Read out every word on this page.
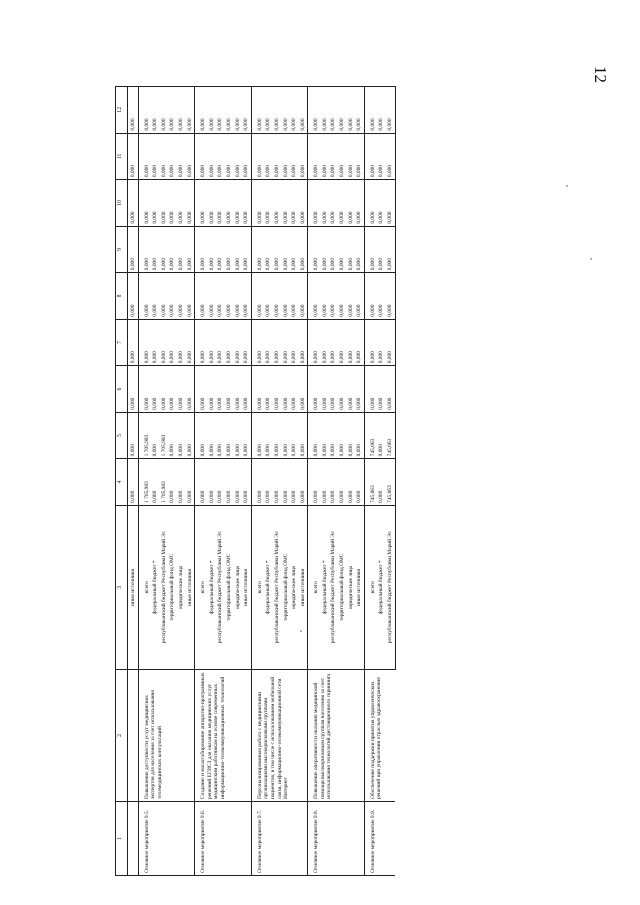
12
1	2	3	4	5	6	7	8	9	10	11	12
		иные источники	0,000	0,000	0,000	0,000	0,000	0,000	0,000	0,000	0,000
Основное мероприятие 9.5.	Повышение доступности услуг медицинских экспертов для населения за счет использования телемедицинских консультаций	всего	1 705,983	1 705,983	0,000	0,000	0,000	0,000	0,000	0,000	0,000
		федеральный бюджет *	0,000	0,000	0,000	0,000	0,000	0,000	0,000	0,000	0,000
		республиканский бюджет Республики Марий Эл	1 705,983	1 705,983	0,000	0,000	0,000	0,000	0,000	0,000	0,000
		территориальный фонд ОМС	0,000	0,000	0,000	0,000	0,000	0,000	0,000	0,000	0,000
		юридические лица	0,000	0,000	0,000	0,000	0,000	0,000	0,000	0,000	0,000
		иные источники	0,000	0,000	0,000	0,000	0,000	0,000	0,000	0,000	0,000
Основное мероприятие 9.6.	Создание и масштабирование аппаратно-программных решений ЕГИСЗ для оказания медицинских услуг медицинским работникам на основе современных информационно-телекоммуникационных технологий	всего	0,000	0,000	0,000	0,000	0,000	0,000	0,000	0,000	0,000
		федеральный бюджет *	0,000	0,000	0,000	0,000	0,000	0,000	0,000	0,000	0,000
		республиканский бюджет Республики Марий Эл	0,000	0,000	0,000	0,000	0,000	0,000	0,000	0,000	0,000
		территориальный фонд ОМС	0,000	0,000	0,000	0,000	0,000	0,000	0,000	0,000	0,000
		юридические лица	0,000	0,000	0,000	0,000	0,000	0,000	0,000	0,000	0,000
		иные источники	0,000	0,000	0,000	0,000	0,000	0,000	0,000	0,000	0,000
Основное мероприятие 9.7.	Персонализированная работа с медицинскими организациями высокорисковыми группами пациентов, в том числе с использованием мобильной связи, информационно-телекоммуникационной сети Интернет	всего	0,000	0,000	0,000	0,000	0,000	0,000	0,000	0,000	0,000
		федеральный бюджет *	0,000	0,000	0,000	0,000	0,000	0,000	0,000	0,000	0,000
		республиканский бюджет Республики Марий Эл	0,000	0,000	0,000	0,000	0,000	0,000	0,000	0,000	0,000
		территориальный фонд ОМС	0,000	0,000	0,000	0,000	0,000	0,000	0,000	0,000	0,000
		юридические лица	0,000	0,000	0,000	0,000	0,000	0,000	0,000	0,000	0,000
		иные источники	0,000	0,000	0,000	0,000	0,000	0,000	0,000	0,000	0,000
Основное мероприятие 9.8.	Повышение оперативности оказания медицинской помощи высокорисковым группам населения за счет использования технологий дистанционного скрининга	всего	0,000	0,000	0,000	0,000	0,000	0,000	0,000	0,000	0,000
		федеральный бюджет *	0,000	0,000	0,000	0,000	0,000	0,000	0,000	0,000	0,000
		республиканский бюджет Республики Марий Эл	0,000	0,000	0,000	0,000	0,000	0,000	0,000	0,000	0,000
		территориальный фонд ОМС	0,000	0,000	0,000	0,000	0,000	0,000	0,000	0,000	0,000
		юридические лица	0,000	0,000	0,000	0,000	0,000	0,000	0,000	0,000	0,000
		иные источники	0,000	0,000	0,000	0,000	0,000	0,000	0,000	0,000	0,000
Основное мероприятие 9.9.	Обеспечение поддержки принятия управленческих решений при управлении отраслью здравоохранения	всего	745,663	745,663	0,000	0,000	0,000	0,000	0,000	0,000	0,000
		федеральный бюджет *	0,000	0,000	0,000	0,000	0,000	0,000	0,000	0,000	0,000
		республиканский бюджет Республики Марий Эл	745,663	745,663	0,000	0,000	0,000	0,000	0,000	0,000	0,000
